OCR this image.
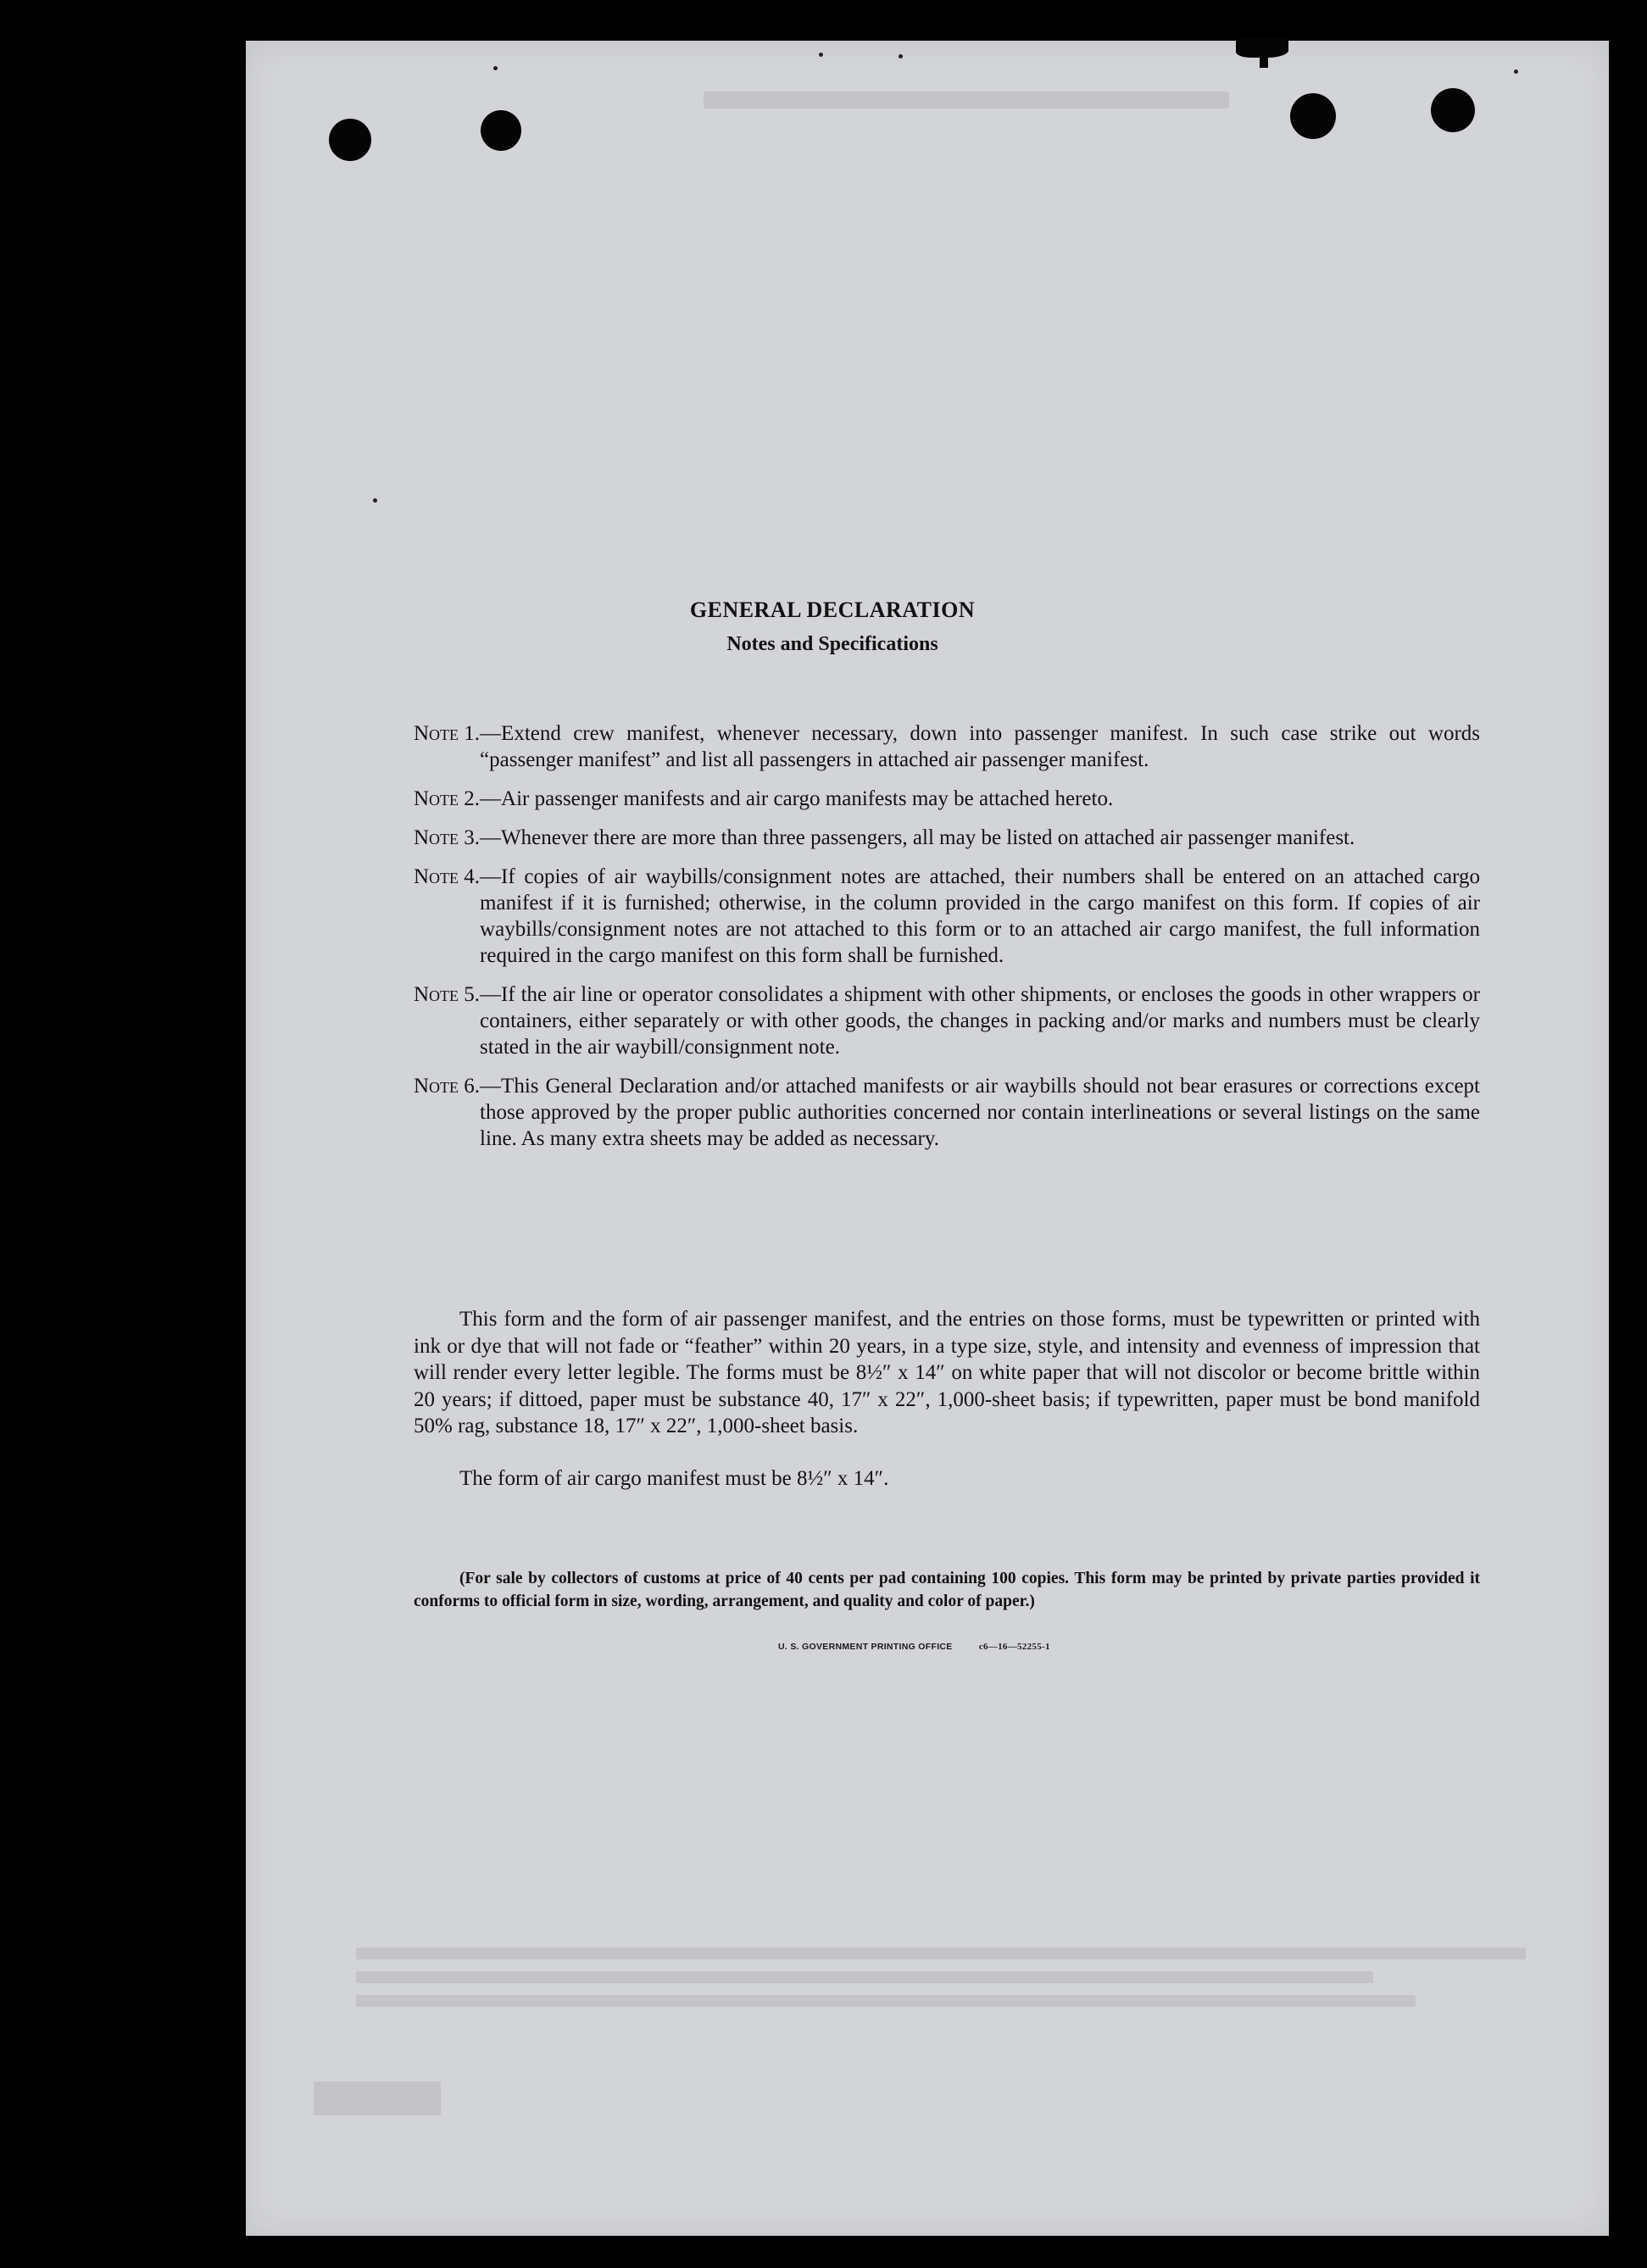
GENERAL DECLARATION
Notes and Specifications
Note 1. —Extend crew manifest, whenever necessary, down into passenger manifest. In such case strike out words “passenger manifest” and list all passengers in attached air passenger manifest.
Note 2. —Air passenger manifests and air cargo manifests may be attached hereto.
Note 3. —Whenever there are more than three passengers, all may be listed on attached air passenger manifest.
Note 4. —If copies of air waybills/consignment notes are attached, their numbers shall be entered on an attached cargo manifest if it is furnished; otherwise, in the column provided in the cargo manifest on this form. If copies of air waybills/consignment notes are not attached to this form or to an attached air cargo manifest, the full information required in the cargo manifest on this form shall be furnished.
Note 5. —If the air line or operator consolidates a shipment with other shipments, or encloses the goods in other wrappers or containers, either separately or with other goods, the changes in packing and/or marks and numbers must be clearly stated in the air waybill/consignment note.
Note 6. —This General Declaration and/or attached manifests or air waybills should not bear erasures or corrections except those approved by the proper public authorities concerned nor contain interlineations or several listings on the same line. As many extra sheets may be added as necessary.

This form and the form of air passenger manifest, and the entries on those forms, must be typewritten or printed with ink or dye that will not fade or “feather” within 20 years, in a type size, style, and intensity and evenness of impression that will render every letter legible. The forms must be 8½″ x 14″ on white paper that will not discolor or become brittle within 20 years; if dittoed, paper must be substance 40, 17″ x 22″, 1,000-sheet basis; if typewritten, paper must be bond manifold 50% rag, substance 18, 17″ x 22″, 1,000-sheet basis.

The form of air cargo manifest must be 8½″ x 14″.

(For sale by collectors of customs at price of 40 cents per pad containing 100 copies. This form may be printed by private parties provided it conforms to official form in size, wording, arrangement, and quality and color of paper.)

U. S. GOVERNMENT PRINTING OFFICE	c6—16—52255-1
